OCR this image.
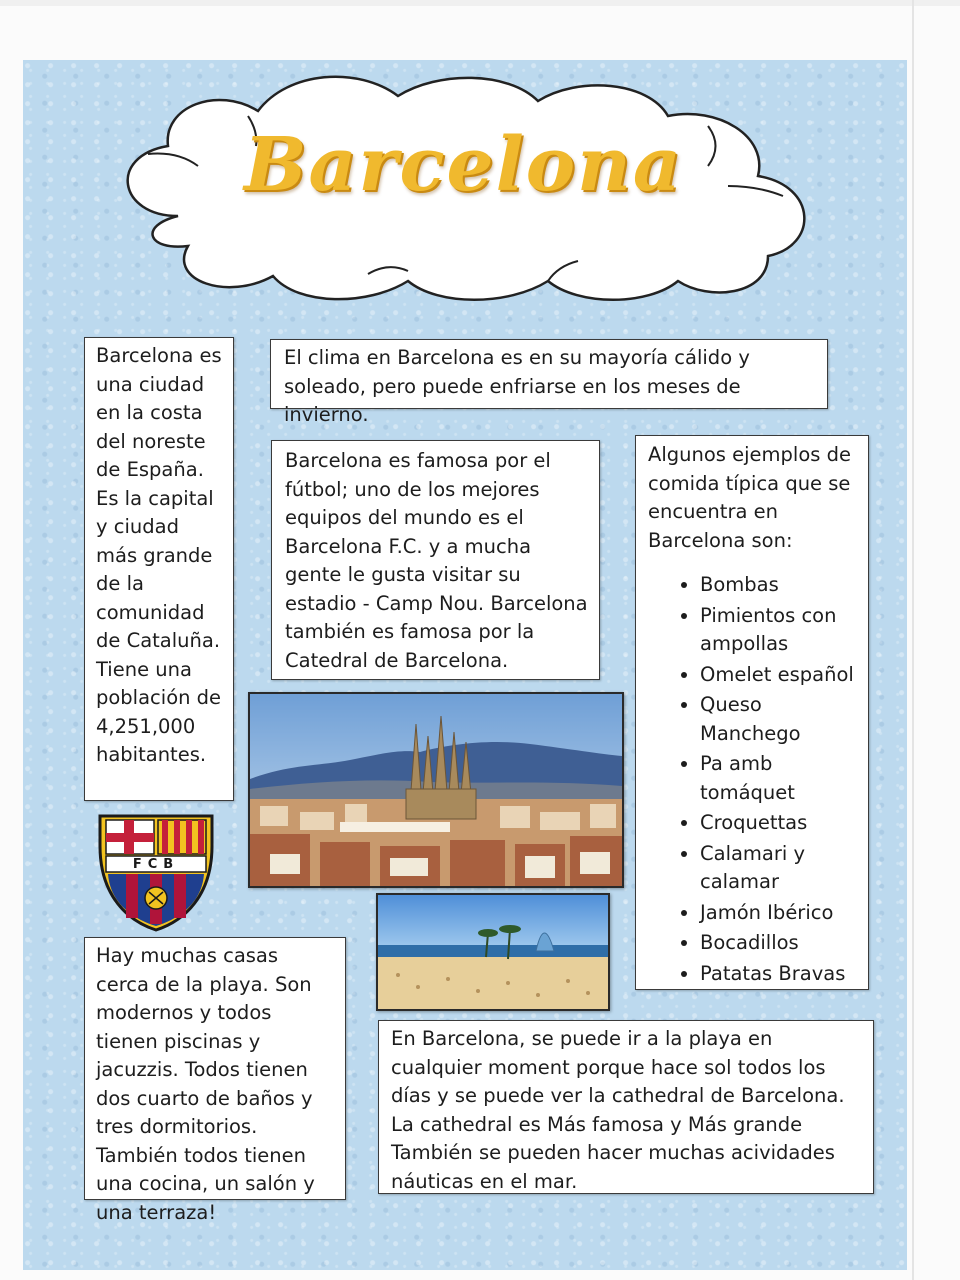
Barcelona

Barcelona es una ciudad en la costa del noreste de España. Es la capital y ciudad más grande de la comunidad de Cataluña. Tiene una población de 4,251,000 habitantes.

El clima en Barcelona es en su mayoría cálido y soleado, pero puede enfriarse en los meses de invierno.

Barcelona es famosa por el fútbol; uno de los mejores equipos del mundo es el Barcelona F.C. y a mucha gente le gusta visitar su estadio - Camp Nou. Barcelona también es famosa por la Catedral de Barcelona.

Algunos ejemplos de comida típica que se encuentra en Barcelona son:

• Bombas
• Pimientos con ampollas
• Omelet español
• Queso Manchego
• Pa amb tomáquet
• Croquettas
• Calamari y calamar
• Jamón Ibérico
• Bocadillos
• Patatas Bravas
FCB

Hay muchas casas cerca de la playa. Son modernos y todos tienen piscinas y jacuzzis. Todos tienen dos cuarto de baños y tres dormitorios. También todos tienen una cocina, un salón y una terraza!

En Barcelona, se puede ir a la playa en cualquier moment porque hace sol todos los días y se puede ver la cathedral de Barcelona. La cathedral es Más famosa y Más grande También se pueden hacer muchas acividades náuticas en el mar.
